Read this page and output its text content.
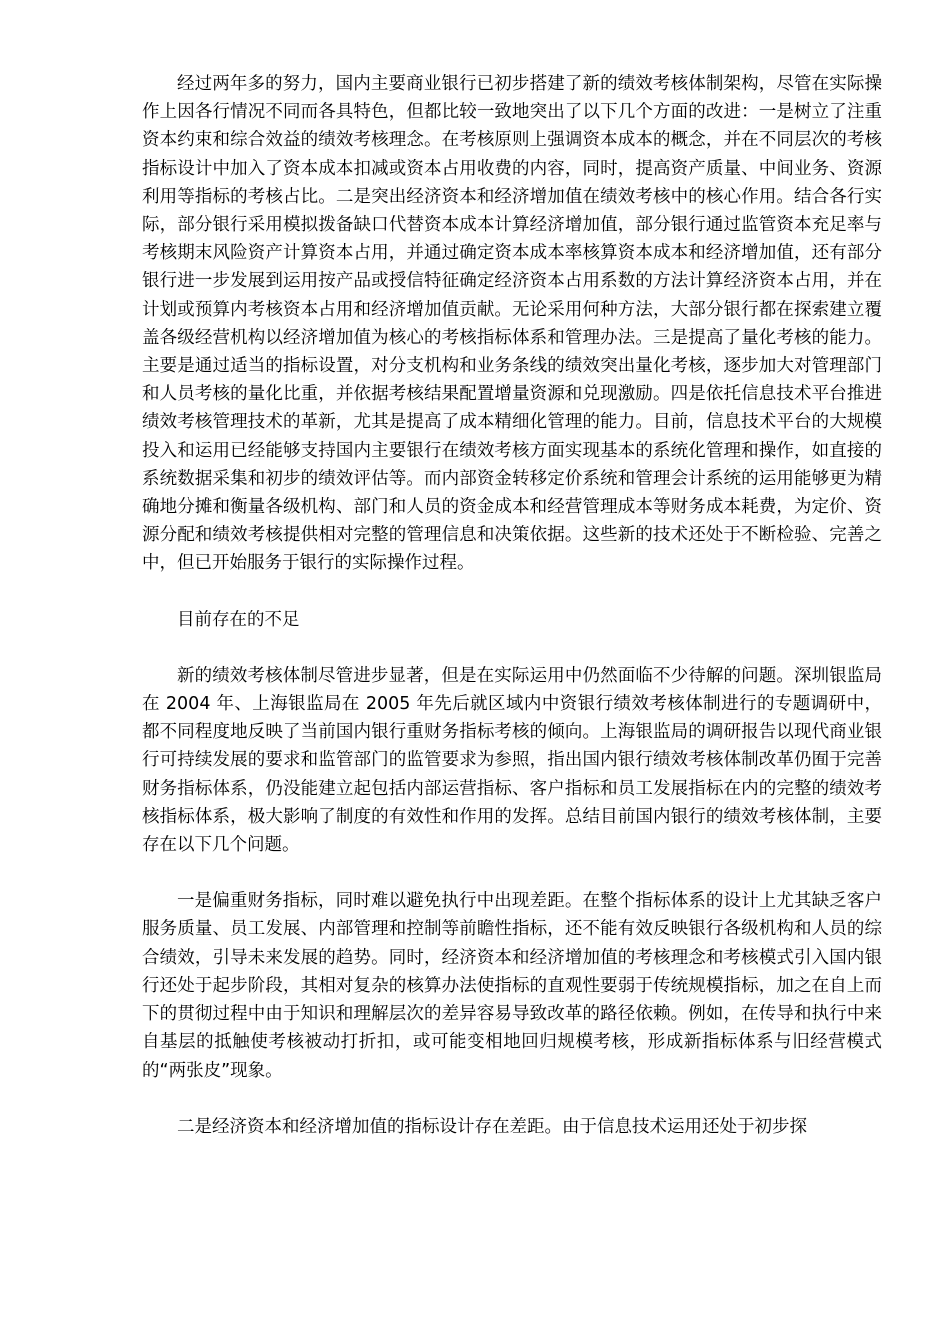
经过两年多的努力，国内主要商业银行已初步搭建了新的绩效考核体制架构，尽管在实际操作上因各行情况不同而各具特色，但都比较一致地突出了以下几个方面的改进：一是树立了注重资本约束和综合效益的绩效考核理念。在考核原则上强调资本成本的概念，并在不同层次的考核指标设计中加入了资本成本扣减或资本占用收费的内容，同时，提高资产质量、中间业务、资源利用等指标的考核占比。二是突出经济资本和经济增加值在绩效考核中的核心作用。结合各行实际，部分银行采用模拟拨备缺口代替资本成本计算经济增加值，部分银行通过监管资本充足率与考核期末风险资产计算资本占用，并通过确定资本成本率核算资本成本和经济增加值，还有部分银行进一步发展到运用按产品或授信特征确定经济资本占用系数的方法计算经济资本占用，并在计划或预算内考核资本占用和经济增加值贡献。无论采用何种方法，大部分银行都在探索建立覆盖各级经营机构以经济增加值为核心的考核指标体系和管理办法。三是提高了量化考核的能力。主要是通过适当的指标设置，对分支机构和业务条线的绩效突出量化考核，逐步加大对管理部门和人员考核的量化比重，并依据考核结果配置增量资源和兑现激励。四是依托信息技术平台推进绩效考核管理技术的革新，尤其是提高了成本精细化管理的能力。目前，信息技术平台的大规模投入和运用已经能够支持国内主要银行在绩效考核方面实现基本的系统化管理和操作，如直接的系统数据采集和初步的绩效评估等。而内部资金转移定价系统和管理会计系统的运用能够更为精确地分摊和衡量各级机构、部门和人员的资金成本和经营管理成本等财务成本耗费，为定价、资源分配和绩效考核提供相对完整的管理信息和决策依据。这些新的技术还处于不断检验、完善之中，但已开始服务于银行的实际操作过程。

目前存在的不足

新的绩效考核体制尽管进步显著，但是在实际运用中仍然面临不少待解的问题。深圳银监局在 2004 年、上海银监局在 2005 年先后就区域内中资银行绩效考核体制进行的专题调研中，都不同程度地反映了当前国内银行重财务指标考核的倾向。上海银监局的调研报告以现代商业银行可持续发展的要求和监管部门的监管要求为参照，指出国内银行绩效考核体制改革仍囿于完善财务指标体系，仍没能建立起包括内部运营指标、客户指标和员工发展指标在内的完整的绩效考核指标体系，极大影响了制度的有效性和作用的发挥。总结目前国内银行的绩效考核体制，主要存在以下几个问题。

一是偏重财务指标，同时难以避免执行中出现差距。在整个指标体系的设计上尤其缺乏客户服务质量、员工发展、内部管理和控制等前瞻性指标，还不能有效反映银行各级机构和人员的综合绩效，引导未来发展的趋势。同时，经济资本和经济增加值的考核理念和考核模式引入国内银行还处于起步阶段，其相对复杂的核算办法使指标的直观性要弱于传统规模指标，加之在自上而下的贯彻过程中由于知识和理解层次的差异容易导致改革的路径依赖。例如，在传导和执行中来自基层的抵触使考核被动打折扣，或可能变相地回归规模考核，形成新指标体系与旧经营模式的“两张皮”现象。

二是经济资本和经济增加值的指标设计存在差距。由于信息技术运用还处于初步探
